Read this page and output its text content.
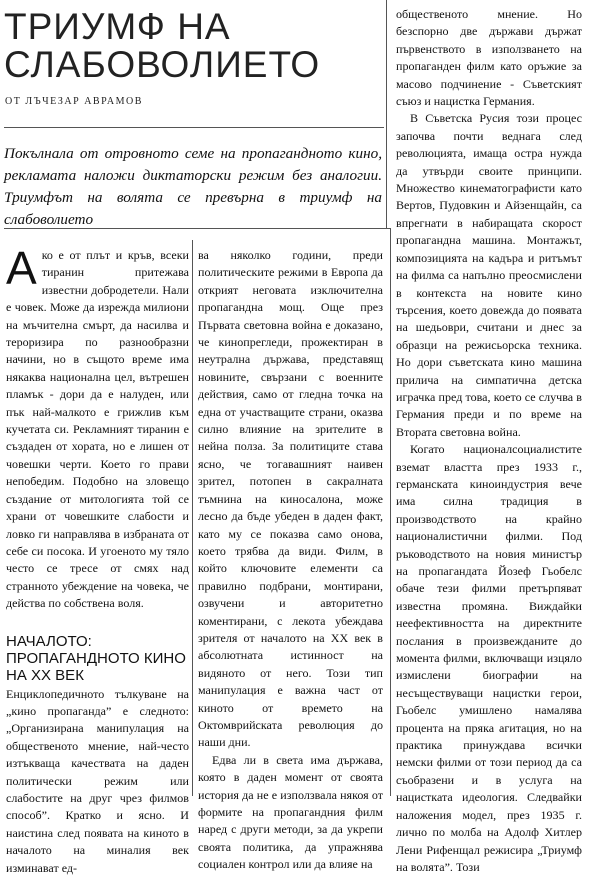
ТРИУМФ НА СЛАБОВОЛИЕТО
ОТ ЛЪЧЕЗАР АВРАМОВ

Покълнала от отровното семе на пропагандното кино, рекламата наложи диктаторски режим без аналогии. Триумфът на волята се превърна в триумф на слабоволието

А ко е от плът и кръв, всеки тиранин притежава известни добродетели. Нали е човек. Може да изрежда милиони на мъчителна смърт, да насилва и тероризира по разнообразни начини, но в същото време има някаква национална цел, вътрешен пламък - дори да е налуден, или пък най-малкото е грижлив към кучетата си. Рекламният тиранин е създаден от хората, но е лишен от човешки черти. Което го прави непобедим. Подобно на зловещо създание от митологията той се храни от човешките слабости и ловко ги направлява в избраната от себе си посока. И угоеното му тяло често се тресе от смях над странното убеждение на човека, че действа по собствена воля.

НАЧАЛОТО: ПРОПАГАНДНОТО КИНО НА ХХ ВЕК

Енциклопедичното тълкуване на „кино пропаганда” е следното: „Организирана манипулация на общественото мнение, най-често изтъкваща качествата на даден политически режим или слабостите на друг чрез филмов способ”. Кратко и ясно. И наистина след появата на киното в началото на миналия век изминават ед-

ва няколко години, преди политическите режими в Европа да открият неговата изключителна пропагандна мощ. Още през Първата световна война е доказано, че кинопрегледи, прожектиран в неутрална държава, представящ новините, свързани с военните действия, само от гледна точка на една от участващите страни, оказва силно влияние на зрителите в нейна полза. За политиците става ясно, че тогавашният наивен зрител, потопен в сакралната тъмнина на киносалона, може лесно да бъде убеден в даден факт, като му се показва само онова, което трябва да види. Филм, в който ключовите елементи са правилно подбрани, монтирани, озвучени и авторитетно коментирани, с лекота убеждава зрителя от началото на ХХ век в абсолютната истинност на видяното от него. Този тип манипулация е важна част от киното от времето на Октомврийската революция до наши дни.

Едва ли в света има държава, която в даден момент от своята история да не е използвала някоя от формите на пропагандния филм наред с други методи, за да укрепи своята политика, да упражнява социален контрол или да влияе на

общественото мнение. Но безспорно две държави държат първенството в използването на пропаганден филм като оръжие за масово подчинение - Съветският съюз и нацистка Германия.

В Съветска Русия този процес започва почти веднага след революцията, имаща остра нужда да утвърди своите принципи. Множество кинематографисти като Вертов, Пудовкин и Айзенщайн, са впрегнати в набиращата скорост пропагандна машина. Монтажът, композицията на кадъра и ритъмът на филма са напълно преосмислени в контекста на новите кино търсения, което довежда до появата на шедьоври, считани и днес за образци на режисьорска техника. Но дори съветската кино машина прилича на симпатична детска играчка пред това, което се случва в Германия преди и по време на Втората световна война.

Когато националсоциалистите вземат властта през 1933 г., германската киноиндустрия вече има силна традиция в производството на крайно националистични филми. Под ръководството на новия министър на пропагандата Йозеф Гьобелс обаче тези филми претърпяват известна промяна. Виждайки неефективността на директните послания в произвежданите до момента филми, включващи изцяло измислени биографии на несъществуващи нацистки герои, Гьобелс умишлено намалява процента на пряка агитация, но на практика принуждава всички немски филми от този период да са съобразени и в услуга на нацистката идеология. Следвайки наложения модел, през 1935 г. лично по молба на Адолф Хитлер Лени Рифенщал режисира „Триумф на волята”. Този
